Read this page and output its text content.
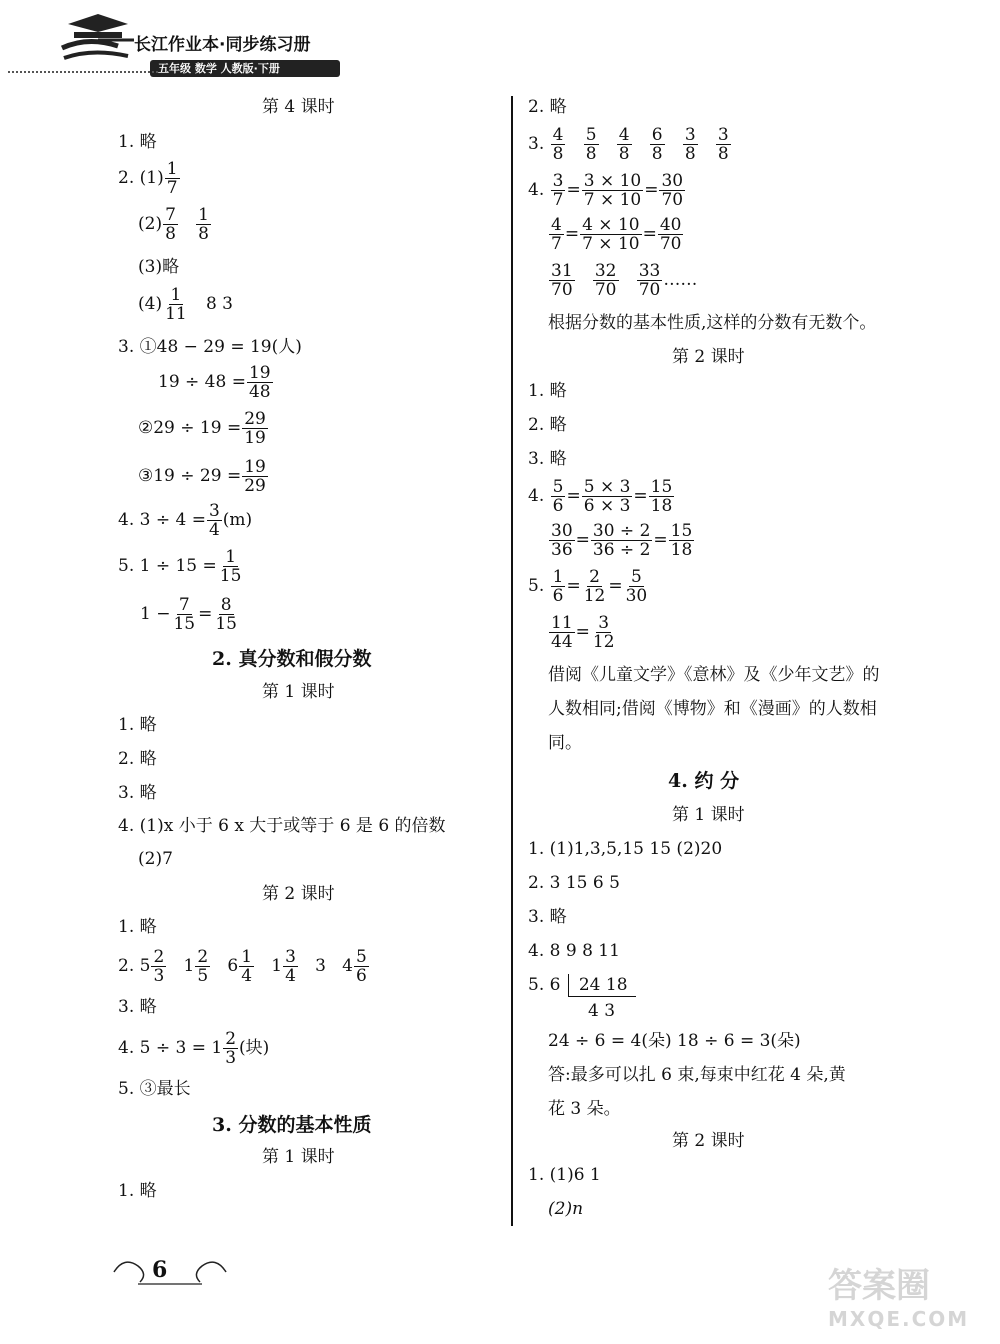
长江作业本·同步练习册
五年级 数学 人教版·下册
第 4 课时
1. 略
2. $(1) \frac{1}{7}$
$(2) \frac{7}{8}$
$\frac{1}{8}$
(3)略
$(4) \frac{1}{11} 8$ 3
3. ①48 − 29 = 19(人)
$19 \div 48 = \frac{19}{48}$
②29 ÷ $19 = \frac{29}{19}$
③19 ÷ $29 = \frac{19}{29}$
4. $3 \div 4 = \frac{3}{4} (m)$
5. $1 \div 15 = \frac{1}{15}$
$1 - \frac{7}{15} = \frac{8}{15}$
2. 真分数和假分数
第 1 课时
1. 略
2. 略
3. 略
4. (1)x 小于 6 x 大于或等于 6 是 6 的倍数
(2)7
第 2 课时
1. 略
2. $5 \frac{2}{3} 1 \frac{2}{5} 6 \frac{1}{4} 1 \frac{3}{4} 3$ $4 \frac{5}{6}$
3. 略
4. $5 \div 3 = 1 \frac{2}{3}$ (块)
5. ③最长
3. 分数的基本性质
第 1 课时
1. 略
2. 略
3. $\frac{4}{8}$
$\frac{5}{8}$
$\frac{4}{8}$
$\frac{6}{8}$
$\frac{3}{8}$
$\frac{3}{8}$
4. $\frac{3}{7} = \frac{3 \times 10}{7 \times 10} = \frac{30}{70}$
$\frac{4}{7} = \frac{4 \times 10}{7 \times 10} = \frac{40}{70}$
$\frac{31}{70}$
$\frac{32}{70}$
$\frac{33}{70}$ ……
根据分数的基本性质,这样的分数有无数个。
第 2 课时
1. 略
2. 略
3. 略
4. $\frac{5}{6} = \frac{5 \times 3}{6 \times 3} = \frac{15}{18}$
$\frac{30}{36} = \frac{30 \div 2}{36 \div 2} = \frac{15}{18}$
5. $\frac{1}{6} = \frac{2}{12} = \frac{5}{30}$
$\frac{11}{44} = \frac{3}{12}$
借阅《儿童文学》《意林》及《少年文艺》的
人数相同;借阅《博物》和《漫画》的人数相
同。
4. 约 分
第 1 课时
1. (1)1,3,5,15 15 (2)20
2. 3 15 6 5
3. 略
4. 8 9 8 11
5. 6 24 18
4 3
24 ÷ 6 = 4(朵) 18 ÷ 6 = 3(朵)
答:最多可以扎 6 束,每束中红花 4 朵,黄
花 3 朵。
第 2 课时
1. (1)6 1
(2)n
6	答案圈
MXQE.COM
